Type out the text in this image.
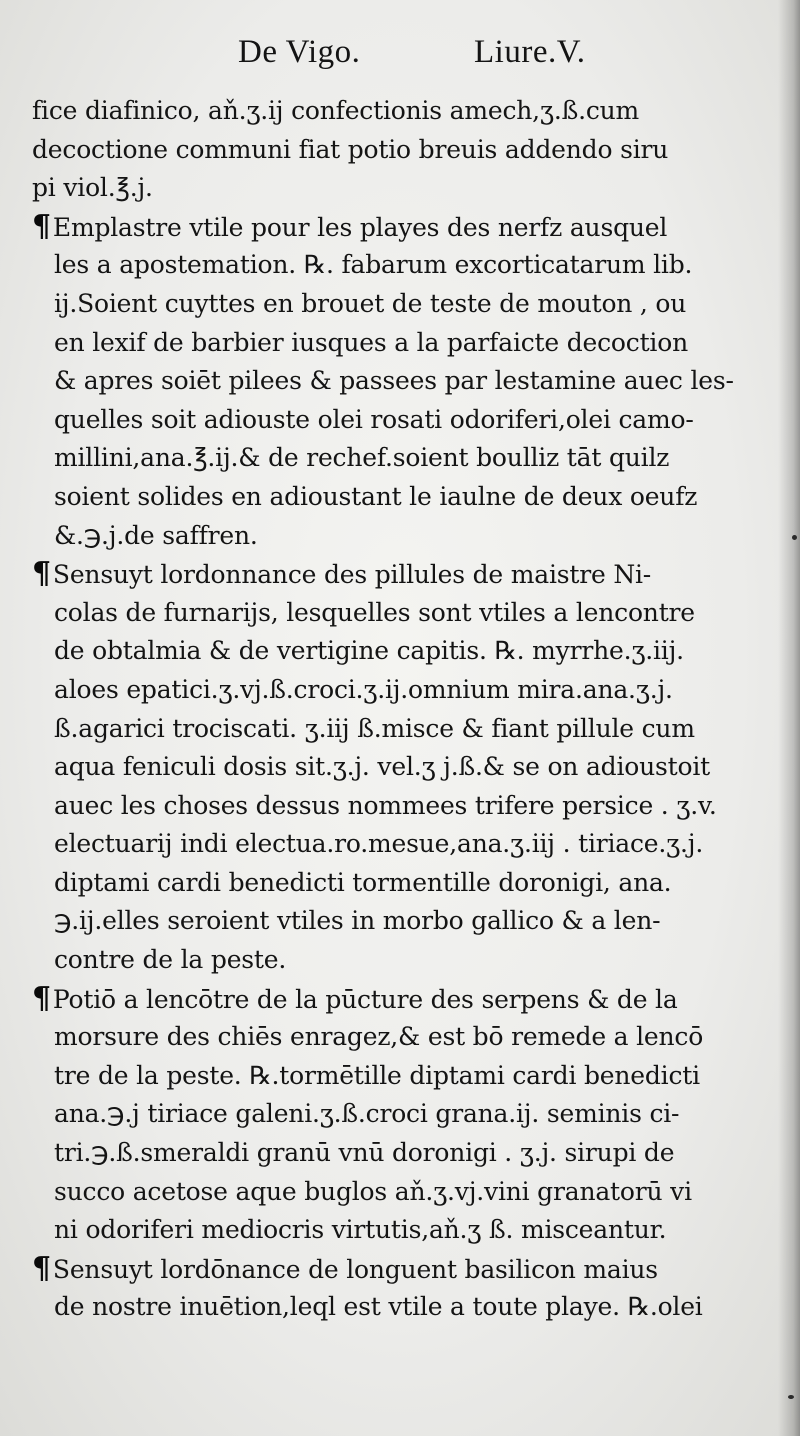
De Vigo.	Liure.V.
fice diafinico, aň.ʒ.ij confectionis amech,ʒ.ß.cum
decoctione communi fiat potio breuis addendo siru
pi viol.℥.j.
¶Emplastre vtile pour les playes des nerfz ausquel
les a apostemation. ℞. fabarum excorticatarum lib.
ij.Soient cuyttes en brouet de teste de mouton , ou
en lexif de barbier iusques a la parfaicte decoction
& apres soiēt pilees & passees par lestamine auec les-
quelles soit adiouste olei rosati odoriferi,olei camo-
millini,ana.℥.ij.& de rechef.soient boulliz tāt quilz
soient solides en adioustant le iaulne de deux oeufz
&.℈.j.de saffren.
¶Sensuyt lordonnance des pillules de maistre Ni-
colas de furnarijs, lesquelles sont vtiles a lencontre
de obtalmia & de vertigine capitis. ℞. myrrhe.ʒ.iij.
aloes epatici.ʒ.vj.ß.croci.ʒ.ij.omnium mira.ana.ʒ.j.
ß.agarici trociscati. ʒ.iij ß.misce & fiant pillule cum
aqua feniculi dosis sit.ʒ.j. vel.ʒ j.ß.& se on adioustoit
auec les choses dessus nommees trifere persice . ʒ.v.
electuarij indi electua.ro.mesue,ana.ʒ.iij . tiriace.ʒ.j.
diptami cardi benedicti tormentille doronigi, ana.
℈.ij.elles seroient vtiles in morbo gallico & a len-
contre de la peste.
¶Potiō a lencōtre de la pūcture des serpens & de la
morsure des chiēs enragez,& est bō remede a lencō
tre de la peste. ℞.tormētille diptami cardi benedicti
ana.℈.j tiriace galeni.ʒ.ß.croci grana.ij. seminis ci-
tri.℈.ß.smeraldi granū vnū doronigi . ʒ.j. sirupi de
succo acetose aque buglos aň.ʒ.vj.vini granatorū vi
ni odoriferi mediocris virtutis,aň.ʒ ß. misceantur.
¶Sensuyt lordōnance de longuent basilicon maius
de nostre inuētion,leql est vtile a toute playe. ℞.olei
